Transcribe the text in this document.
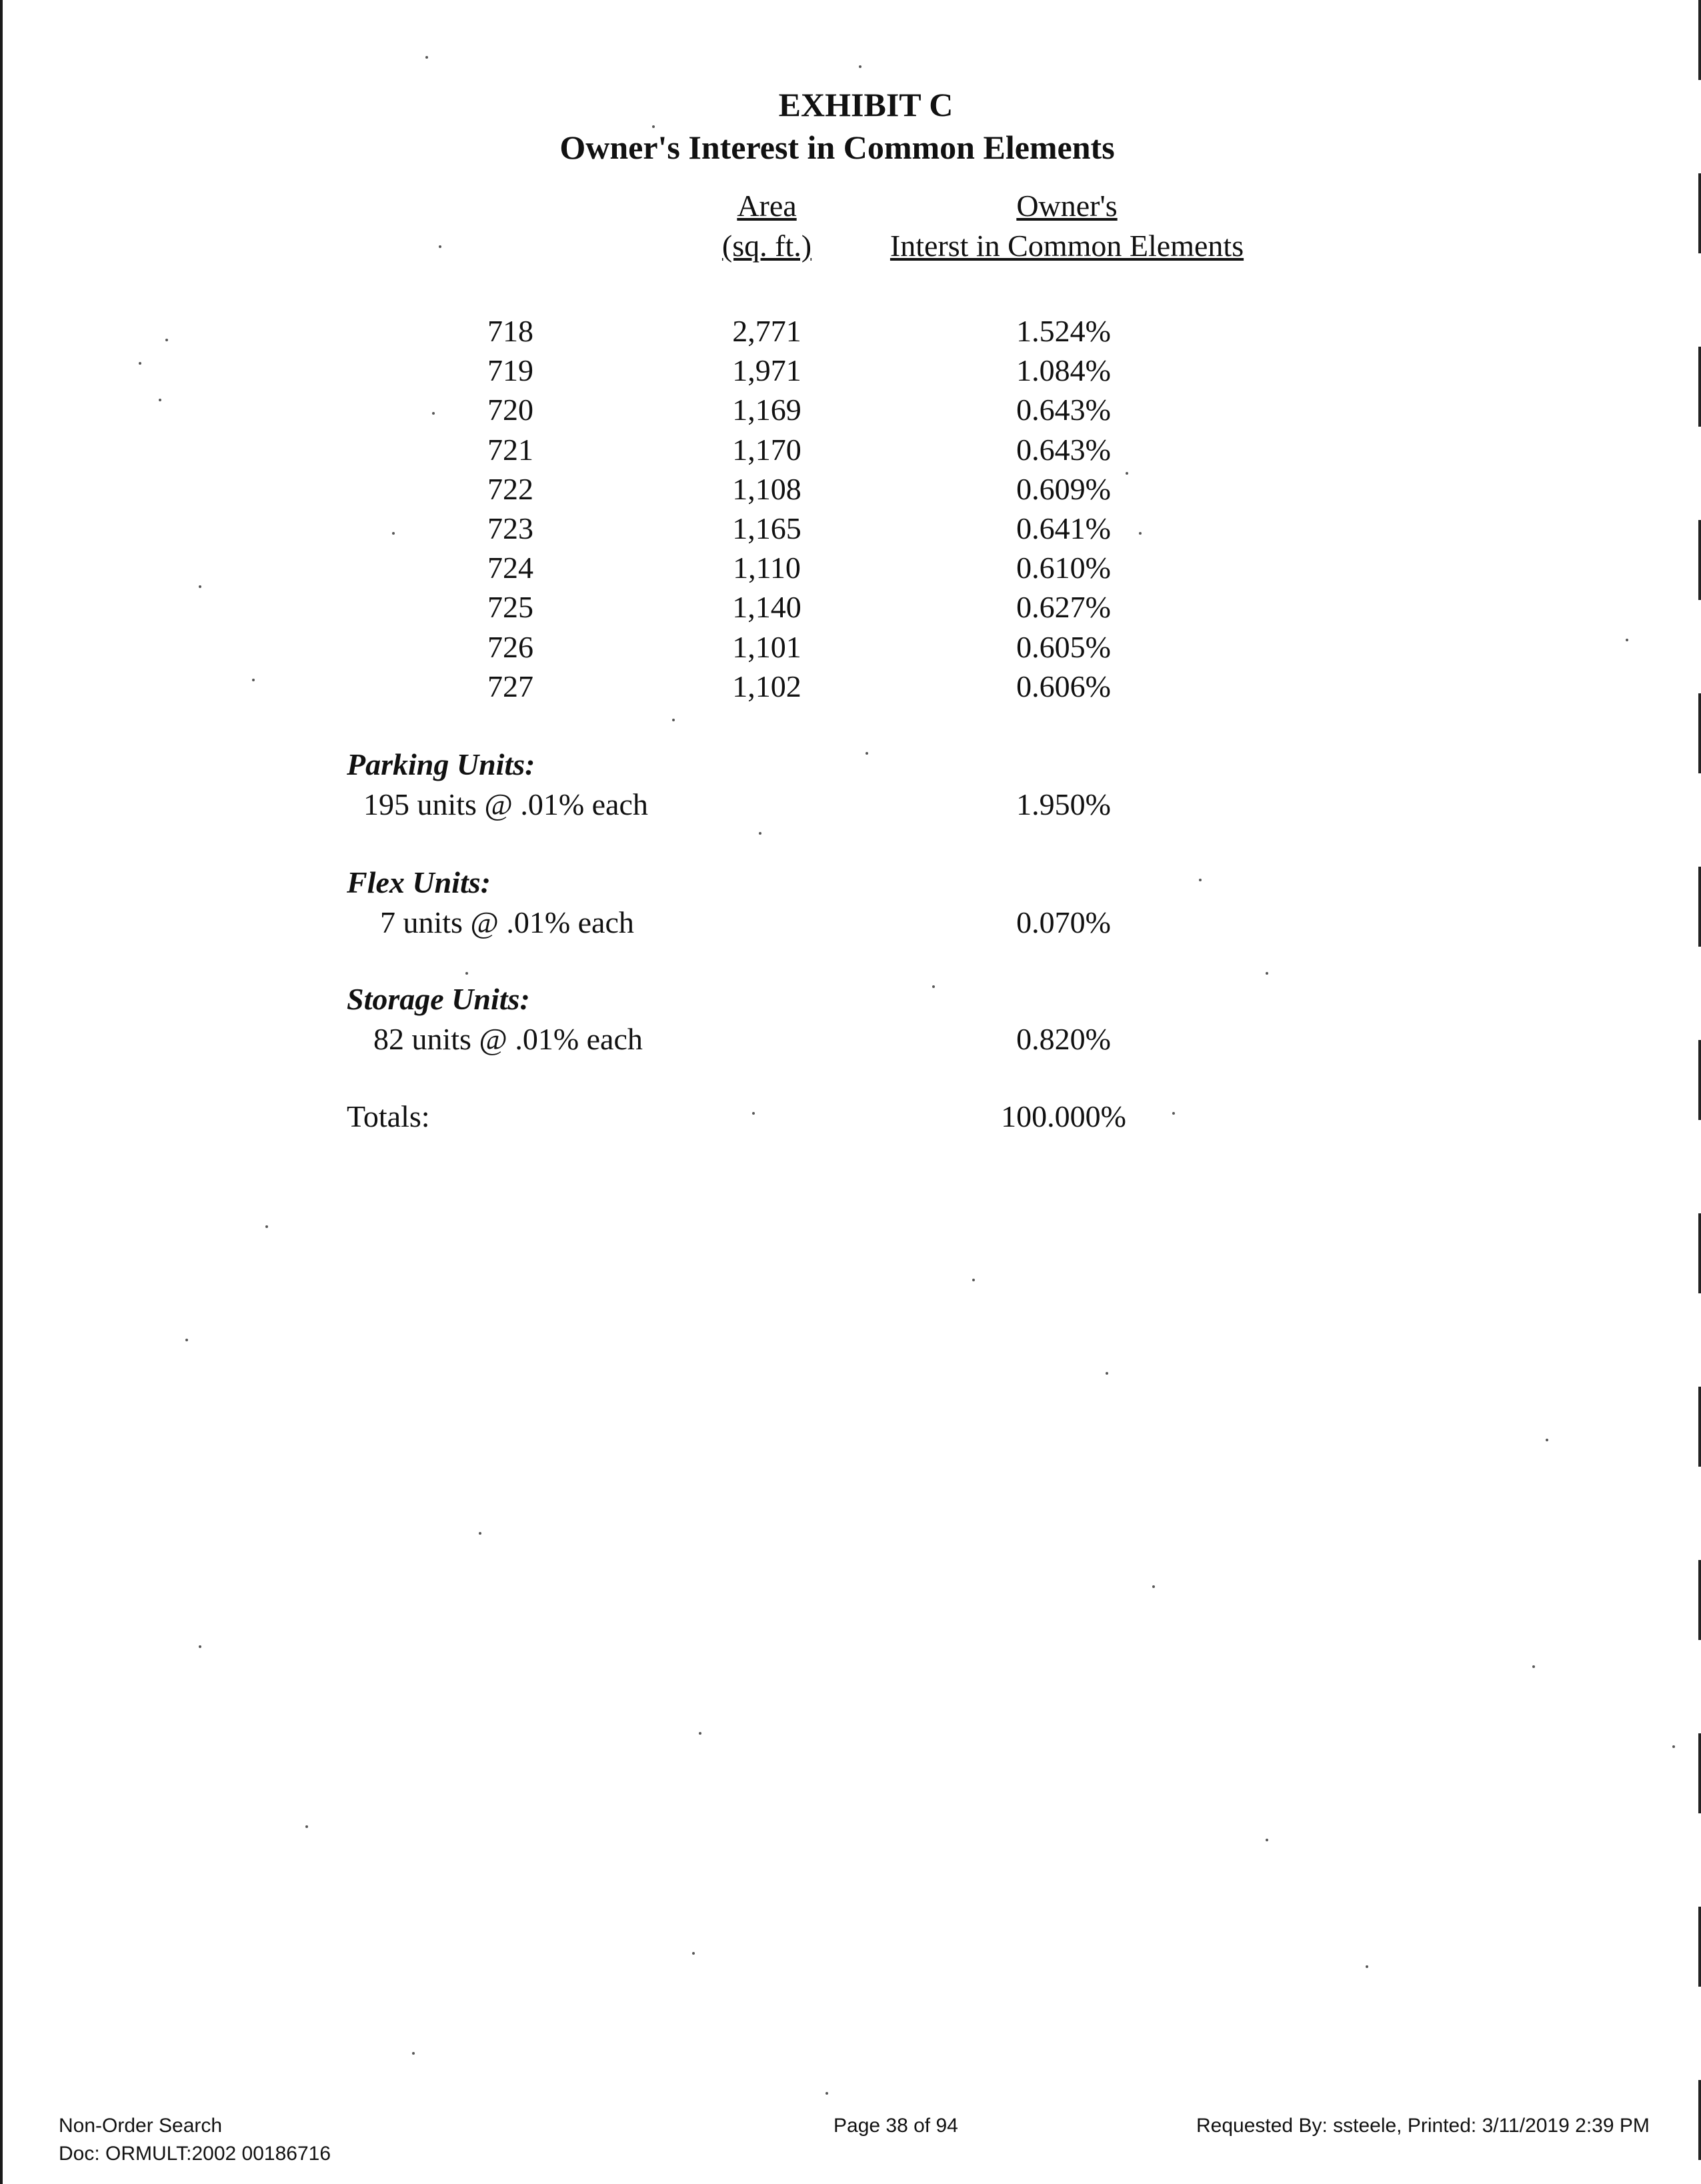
EXHIBIT C
Owner's Interest in Common Elements
Area
(sq. ft.)
Owner's
Interst in Common Elements
718	2,771	1.524%
719	1,971	1.084%
720	1,169	0.643%
721	1,170	0.643%
722	1,108	0.609%
723	1,165	0.641%
724	1,110	0.610%
725	1,140	0.627%
726	1,101	0.605%
727	1,102	0.606%
Parking Units:
195 units @ .01% each	1.950%
Flex Units:
7 units @ .01% each	0.070%
Storage Units:
82 units @ .01% each	0.820%
Totals:	100.000%
Non-Order Search
Doc: ORMULT:2002 00186716
Page 38 of 94	Requested By: ssteele, Printed: 3/11/2019 2:39 PM
